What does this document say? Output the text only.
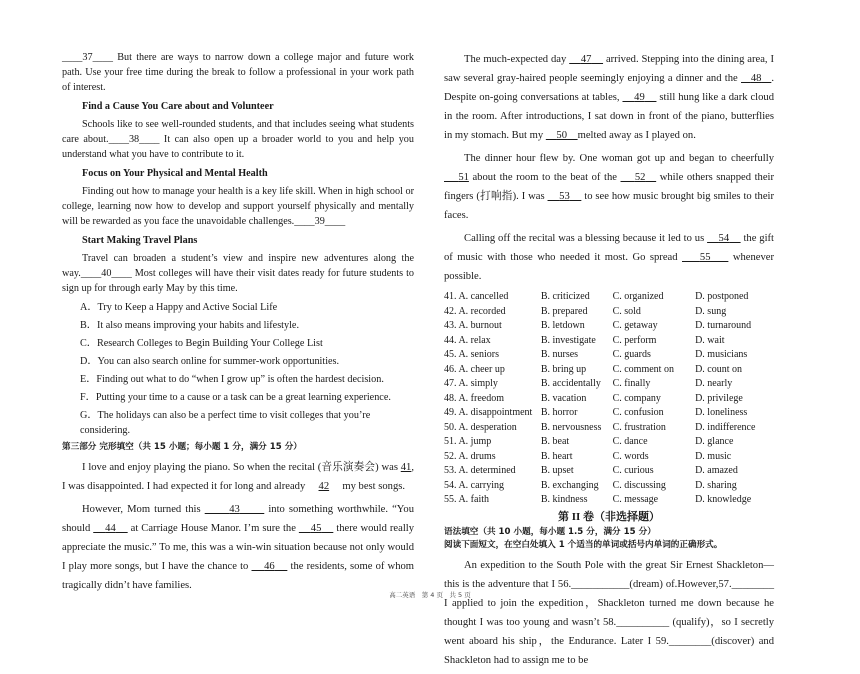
____37____ But there are ways to narrow down a college major and future work path. Use your free time during the break to follow a professional in your work path of interest.

Find a Cause You Care about and Volunteer

Schools like to see well-rounded students, and that includes seeing what students care about.____38____ It can also open up a broader world to you and help you understand what you have to contribute to it.

Focus on Your Physical and Mental Health

Finding out how to manage your health is a key life skill. When in high school or college, learning now how to develop and support yourself physically and mentally will be rewarded as you face the unavoidable challenges.____39____

Start Making Travel Plans

Travel can broaden a student’s view and inspire new adventures along the way.____40____ Most colleges will have their visit dates ready for future students to sign up for through early May by this time.

A．Try to Keep a Happy and Active Social Life
B．It also means improving your habits and lifestyle.
C．Research Colleges to Begin Building Your College List
D．You can also search online for summer-work opportunities.
E．Finding out what to do “when I grow up” is often the hardest decision.
F．Putting your time to a cause or a task can be a great learning experience.
G．The holidays can also be a perfect time to visit colleges that you’re considering.
第三部分 完形填空（共 15 小题；每小题 1 分，满分 15 分）

I love and enjoy playing the piano. So when the recital (音乐演奏会) was 41, I was disappointed. I had expected it for long and already     42     my best songs.

However, Mom turned this       43       into something worthwhile. “You should     44     at Carriage House Manor. I’m sure the     45     there would really appreciate the music.” To me, this was a win-win situation because not only would I play more songs, but I have the chance to     46     the residents, some of whom tragically didn’t have families.

The much-expected day     47     arrived. Stepping into the dining area, I saw several gray-haired people seemingly enjoying a dinner and the    48 . Despite on-going conversations at tables,     49     still hung like a dark cloud in the room. After introductions, I sat down in front of the piano, butterflies in my stomach. But my     50 melted away as I played on.

The dinner hour flew by. One woman got up and began to cheerfully     51 about the room to the beat of the     52    while others snapped their fingers (打响指). I was     53     to see how music brought big smiles to their faces.

Calling off the recital was a blessing because it led to us     54     the gift of music with those who needed it most. Go spread     55     whenever possible.

41. A. cancelled	B. criticized	C. organized	D. postponed
42. A. recorded	B. prepared	C. sold	D. sung
43. A. burnout	B. letdown	C. getaway	D. turnaround
44. A. relax	B. investigate	C. perform	D. wait
45. A. seniors	B. nurses	C. guards	D. musicians
46. A. cheer up	B. bring up	C. comment on	D. count on
47. A. simply	B. accidentally	C. finally	D. nearly
48. A. freedom	B. vacation	C. company	D. privilege
49. A. disappointment B. horror	C. confusion	D. loneliness
50. A. desperation	B. nervousness	C. frustration	D. indifference
51. A. jump	B. beat	C. dance	D. glance
52. A. drums	B. heart	C. words	D. music
53. A. determined	B. upset	C. curious	D. amazed
54. A. carrying	B. exchanging	C. discussing	D. sharing
55. A. faith	B. kindness	C. message	D. knowledge
第 II 卷（非选择题）
语法填空（共 10 小题，每小题 1.5 分，满分 15 分）
阅读下面短文，在空白处填入 1 个适当的单词或括号内单词的正确形式。

An expedition to the South Pole with the great Sir Ernest Shackleton—this is the adventure that I 56.___________(dream) of.However,57.________ I applied to join the expedition，Shackleton turned me down because he thought I was too young and wasn’t 58.__________ (qualify)，so I secretly went aboard his ship，the Endurance. Later I 59.________(discover) and Shackleton had to assign me to be

高二英语　第 4 页　共 5 页
